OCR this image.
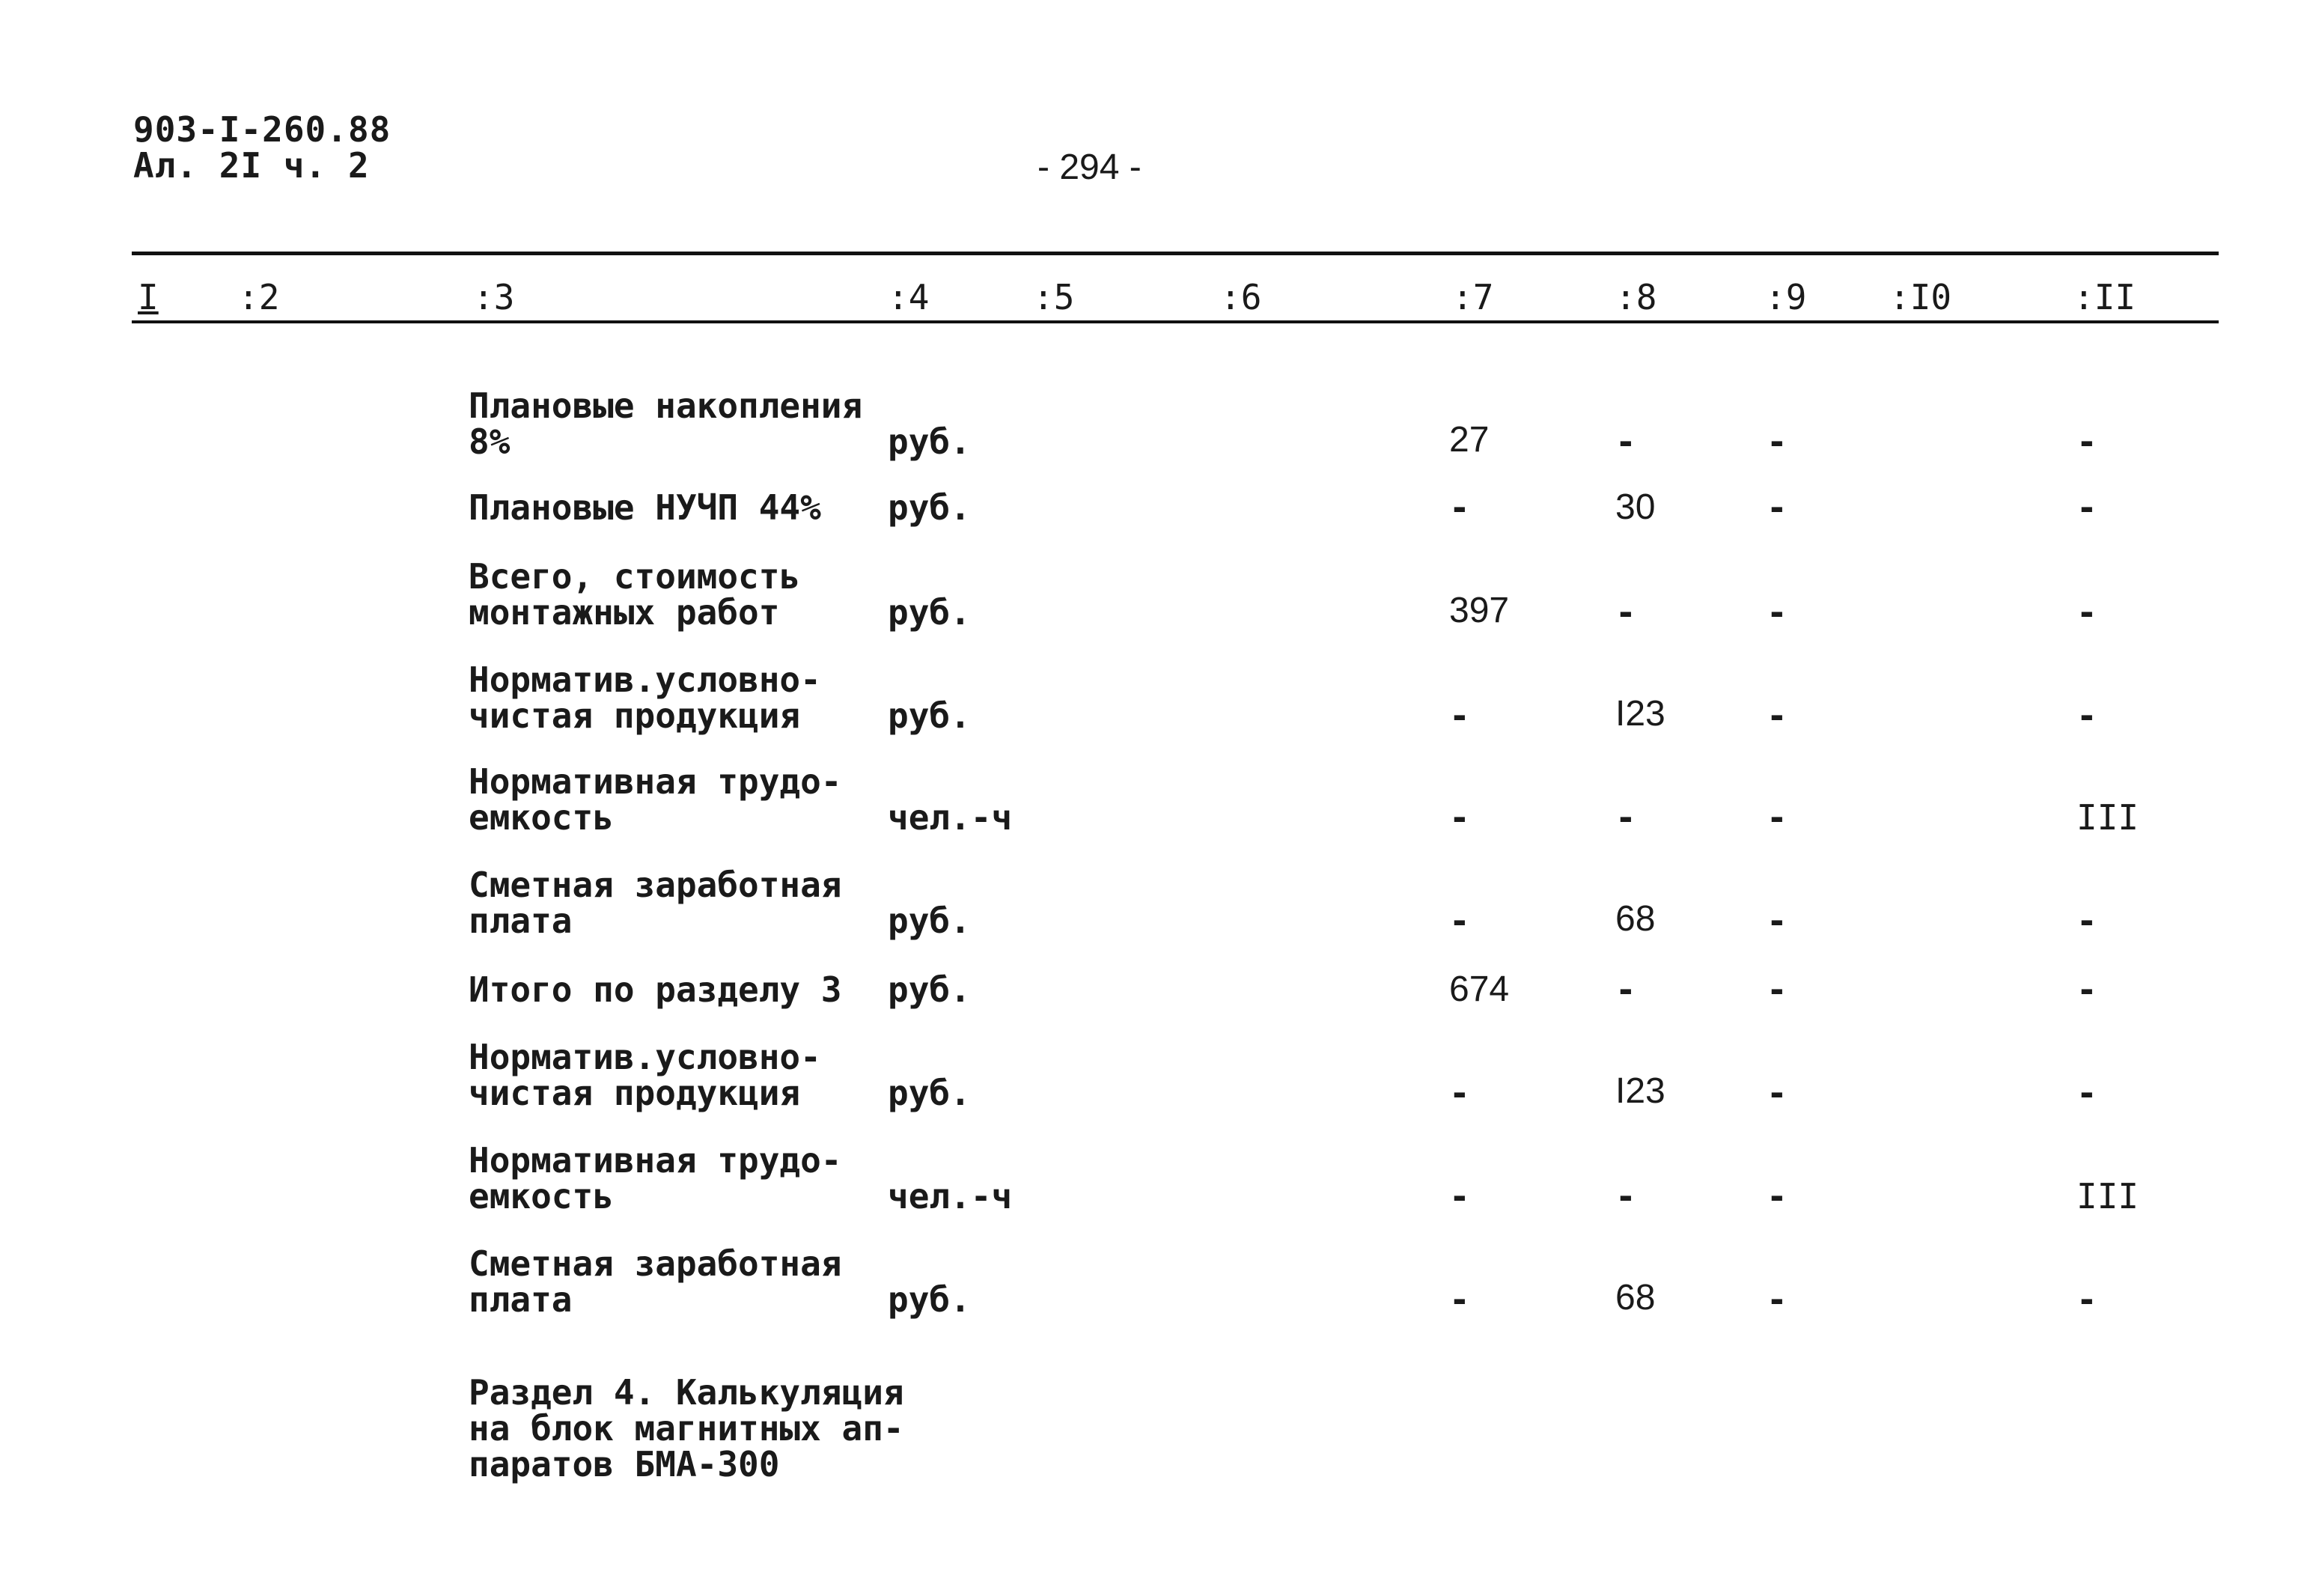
903-I-260.88
Ал. 2I ч. 2	- 294 -
I :2	:3	:4	:5	:6	:7	:8	:9 :I0	:II
Плановые накопления
8%	руб.	27	-	-	-
Плановые НУЧП 44% руб.	-	30	-	-
Всего, стоимость
монтажных работ	руб.	397	-	-	-
Норматив.условно-
чистая продукция	руб.	-	I23	-	-
Нормативная трудо-
емкость	чел.-ч	-	-	-	III
Сметная заработная
плата	руб.	-	68	-	-
Итого по разделу 3 руб.	674	-	-	-
Норматив.условно-
чистая продукция	руб.	-	I23	-	-
Нормативная трудо-
емкость	чел.-ч	-	-	-	III
Сметная заработная
плата	руб.	-	68	-	-
Раздел 4. Калькуляция
на блок магнитных ап-
паратов БМА-300
